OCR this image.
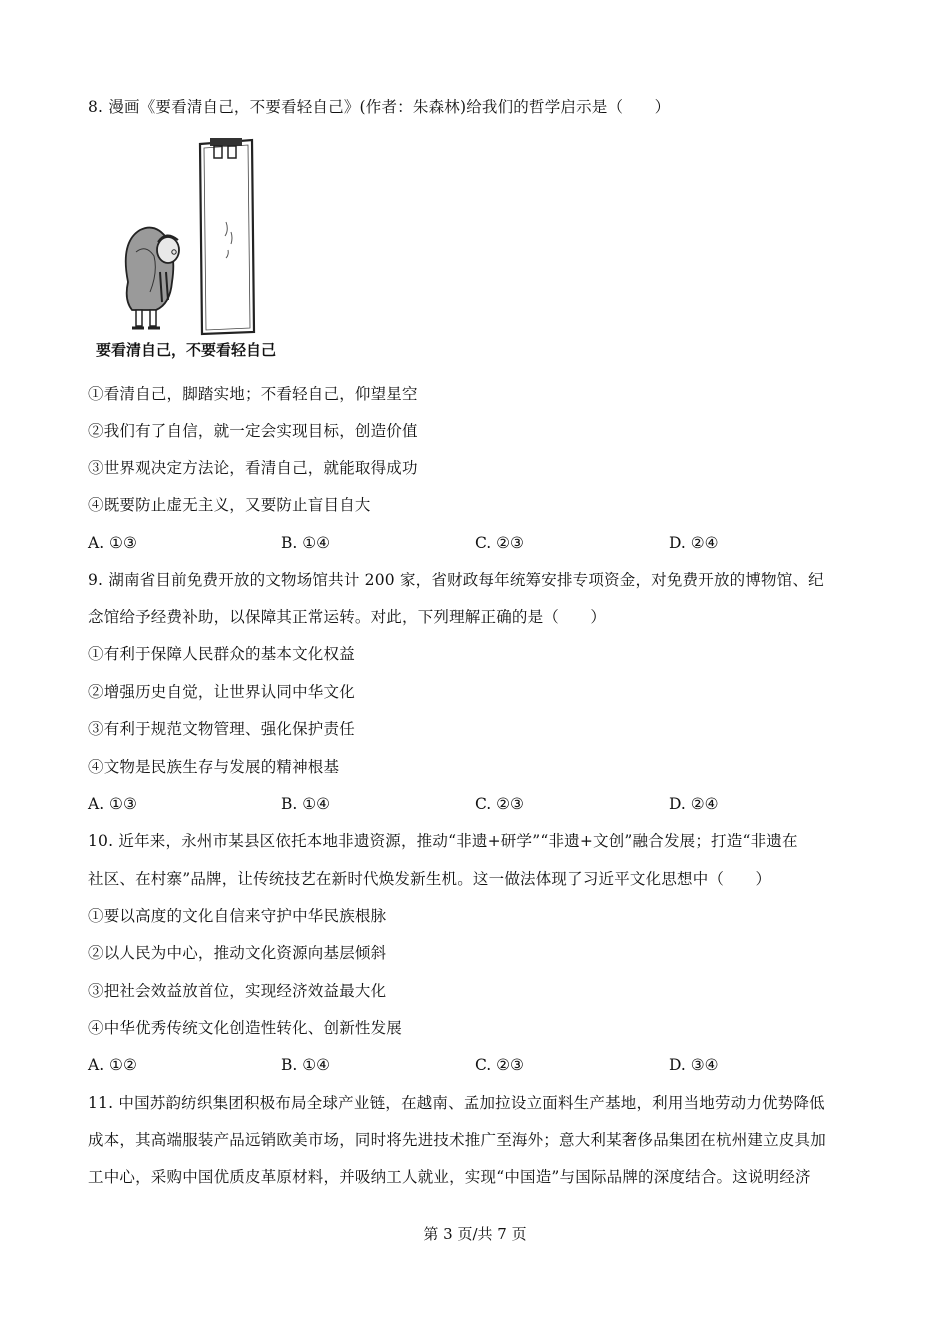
8. 漫画《要看清自己，不要看轻自己》(作者：朱森林)给我们的哲学启示是（　　）
要看清自己，不要看轻自己
①看清自己，脚踏实地；不看轻自己，仰望星空
②我们有了自信，就一定会实现目标，创造价值
③世界观决定方法论，看清自己，就能取得成功
④既要防止虚无主义，又要防止盲目自大
A. ①③	B. ①④	C. ②③	D. ②④
9. 湖南省目前免费开放的文物场馆共计 200 家，省财政每年统筹安排专项资金，对免费开放的博物馆、纪
念馆给予经费补助，以保障其正常运转。对此，下列理解正确的是（　　）
①有利于保障人民群众的基本文化权益
②增强历史自觉，让世界认同中华文化
③有利于规范文物管理、强化保护责任
④文物是民族生存与发展的精神根基
A. ①③	B. ①④	C. ②③	D. ②④
10. 近年来，永州市某县区依托本地非遗资源，推动“非遗+研学”“非遗+文创”融合发展；打造“非遗在
社区、在村寨”品牌，让传统技艺在新时代焕发新生机。这一做法体现了习近平文化思想中（　　）
①要以高度的文化自信来守护中华民族根脉
②以人民为中心，推动文化资源向基层倾斜
③把社会效益放首位，实现经济效益最大化
④中华优秀传统文化创造性转化、创新性发展
A. ①②	B. ①④	C. ②③	D. ③④
11. 中国苏韵纺织集团积极布局全球产业链，在越南、孟加拉设立面料生产基地，利用当地劳动力优势降低
成本，其高端服装产品远销欧美市场，同时将先进技术推广至海外；意大利某奢侈品集团在杭州建立皮具加
工中心，采购中国优质皮革原材料，并吸纳工人就业，实现“中国造”与国际品牌的深度结合。这说明经济
第 3 页/共 7 页
